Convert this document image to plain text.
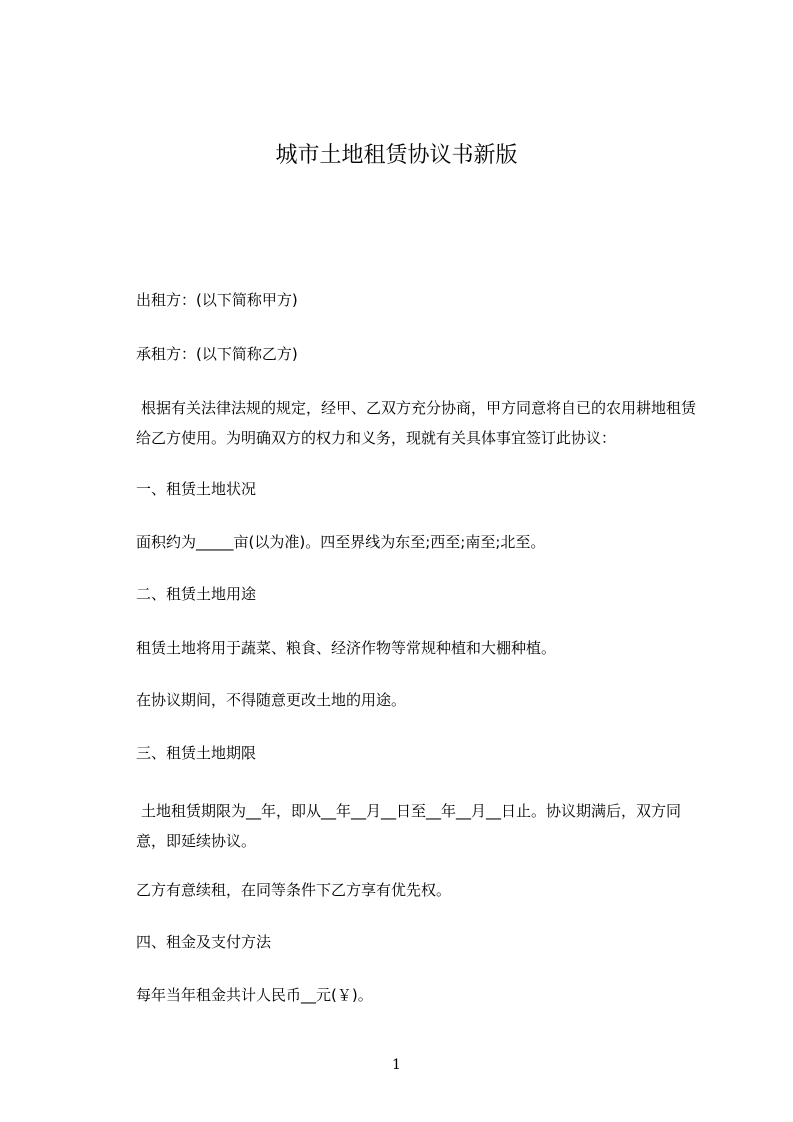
城市土地租赁协议书新版

出租方：(以下简称甲方)

承租方：(以下简称乙方)

根据有关法律法规的规定，经甲、乙双方充分协商，甲方同意将自已的农用耕地租赁给乙方使用。为明确双方的权力和义务，现就有关具体事宜签订此协议：

一、租赁土地状况

面积约为_____亩(以为准)。四至界线为东至;西至;南至;北至。

二、租赁土地用途

租赁土地将用于蔬菜、粮食、经济作物等常规种植和大棚种植。

在协议期间，不得随意更改土地的用途。

三、租赁土地期限

土地租赁期限为__年，即从__年__月__日至__年__月__日止。协议期满后，双方同意，即延续协议。

乙方有意续租，在同等条件下乙方享有优先权。

四、租金及支付方法

每年当年租金共计人民币__元(￥)。

1
